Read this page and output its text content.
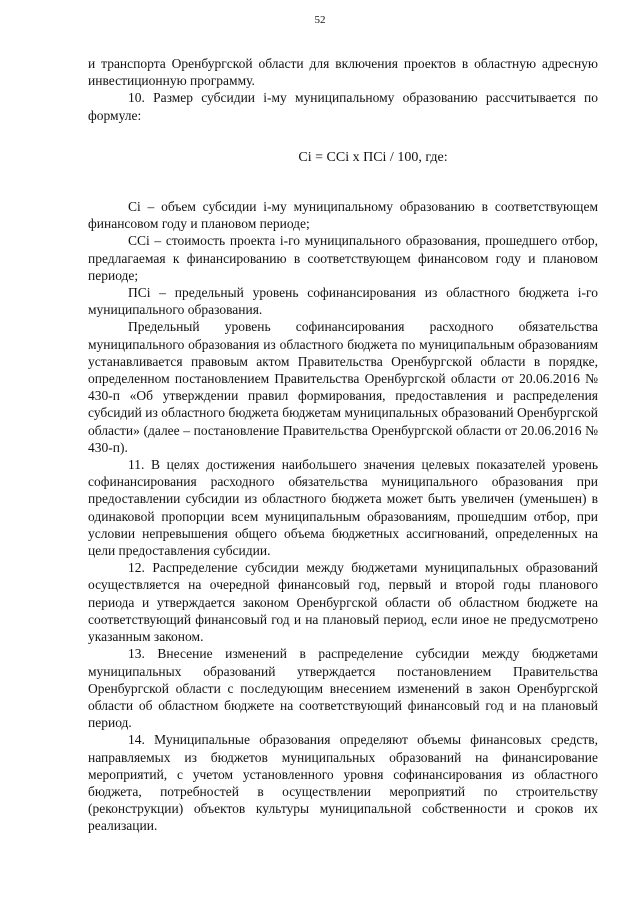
52

и транспорта Оренбургской области для включения проектов в областную адресную инвестиционную программу.

10. Размер субсидии i-му муниципальному образованию рассчитывается по формуле:

Ci = CCi х ПСi / 100, где:

Ci – объем субсидии i-му муниципальному образованию в соответствующем финансовом году и плановом периоде;

CCi – стоимость проекта i-го муниципального образования, прошедшего отбор, предлагаемая к финансированию в соответствующем финансовом году и плановом периоде;

ПСi – предельный уровень софинансирования из областного бюджета i-го муниципального образования.

Предельный уровень софинансирования расходного обязательства муниципального образования из областного бюджета по муниципальным образованиям устанавливается правовым актом Правительства Оренбургской области в порядке, определенном постановлением Правительства Оренбургской области от 20.06.2016 № 430-п «Об утверждении правил формирования, предоставления и распределения субсидий из областного бюджета бюджетам муниципальных образований Оренбургской области» (далее – постановление Правительства Оренбургской области от 20.06.2016 № 430-п).

11. В целях достижения наибольшего значения целевых показателей уровень софинансирования расходного обязательства муниципального образования при предоставлении субсидии из областного бюджета может быть увеличен (уменьшен) в одинаковой пропорции всем муниципальным образованиям, прошедшим отбор, при условии непревышения общего объема бюджетных ассигнований, определенных на цели предоставления субсидии.

12. Распределение субсидии между бюджетами муниципальных образований осуществляется на очередной финансовый год, первый и второй годы планового периода и утверждается законом Оренбургской области об областном бюджете на соответствующий финансовый год и на плановый период, если иное не предусмотрено указанным законом.

13. Внесение изменений в распределение субсидии между бюджетами муниципальных образований утверждается постановлением Правительства Оренбургской области с последующим внесением изменений в закон Оренбургской области об областном бюджете на соответствующий финансовый год и на плановый период.

14. Муниципальные образования определяют объемы финансовых средств, направляемых из бюджетов муниципальных образований на финансирование мероприятий, с учетом установленного уровня софинансирования из областного бюджета, потребностей в осуществлении мероприятий по строительству (реконструкции) объектов культуры муниципальной собственности и сроков их реализации.
